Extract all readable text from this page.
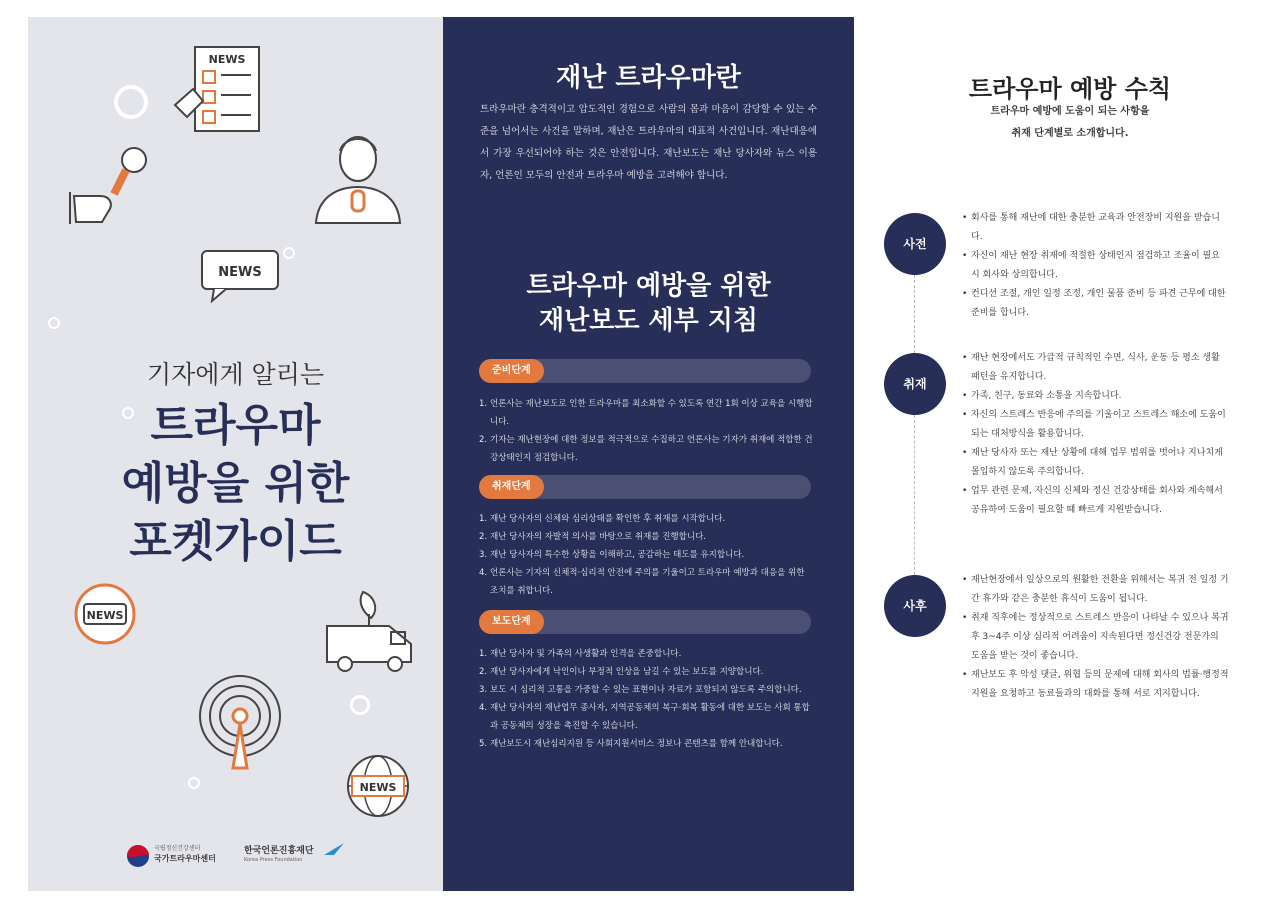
NEWS
NEWS
기자에게 알리는
트라우마
예방을 위한
포켓가이드
NEWS
NEWS
국립정신건강센터
국가트라우마센터
한국언론진흥재단
Korea Press Foundation
재난 트라우마란
트라우마란 충격적이고 압도적인 경험으로 사람의 몸과 마음이 감당할 수 있는 수준을 넘어서는 사건을 말하며, 재난은 트라우마의 대표적 사건입니다. 재난대응에서 가장 우선되어야 하는 것은 안전입니다. 재난보도는 재난 당사자와 뉴스 이용자, 언론인 모두의 안전과 트라우마 예방을 고려해야 합니다.
트라우마 예방을 위한
재난보도 세부 지침
준비단계
1. 언론사는 재난보도로 인한 트라우마를 최소화할 수 있도록 연간 1회 이상 교육을 시행합니다.
2. 기자는 재난현장에 대한 정보를 적극적으로 수집하고 언론사는 기자가 취재에 적합한 건강상태인지 점검합니다.
취재단계
1. 재난 당사자의 신체와 심리상태를 확인한 후 취재를 시작합니다.
2. 재난 당사자의 자발적 의사를 바탕으로 취재를 진행합니다.
3. 재난 당사자의 특수한 상황을 이해하고, 공감하는 태도를 유지합니다.
4. 언론사는 기자의 신체적·심리적 안전에 주의를 기울이고 트라우마 예방과 대응을 위한 조치를 취합니다.
보도단계
1. 재난 당사자 및 가족의 사생활과 인격을 존중합니다.
2. 재난 당사자에게 낙인이나 부정적 인상을 남길 수 있는 보도를 지양합니다.
3. 보도 시 심리적 고통을 가중할 수 있는 표현이나 자료가 포함되지 않도록 주의합니다.
4. 재난 당사자의 재난업무 종사자, 지역공동체의 복구·회복 활동에 대한 보도는 사회 통합과 공동체의 성장을 촉진할 수 있습니다.
5. 재난보도시 재난심리지원 등 사회지원서비스 정보나 콘텐츠를 함께 안내합니다.
트라우마 예방 수칙
트라우마 예방에 도움이 되는 사항을
취재 단계별로 소개합니다.
사전
• 회사를 통해 재난에 대한 충분한 교육과 안전장비 지원을 받습니다.
• 자신이 재난 현장 취재에 적절한 상태인지 점검하고 조율이 필요 시 회사와 상의합니다.
• 컨디션 조절, 개인 일정 조정, 개인 물품 준비 등 파견 근무에 대한 준비를 합니다.
취재
• 재난 현장에서도 가급적 규칙적인 수면, 식사, 운동 등 평소 생활 패턴을 유지합니다.
• 가족, 친구, 동료와 소통을 지속합니다.
• 자신의 스트레스 반응에 주의를 기울이고 스트레스 해소에 도움이 되는 대처방식을 활용합니다.
• 재난 당사자 또는 재난 상황에 대해 업무 범위를 벗어나 지나치게 몰입하지 않도록 주의합니다.
• 업무 관련 문제, 자신의 신체와 정신 건강상태를 회사와 계속해서 공유하여 도움이 필요할 때 빠르게 지원받습니다.
사후
• 재난현장에서 일상으로의 원활한 전환을 위해서는 복귀 전 일정 기간 휴가와 같은 충분한 휴식이 도움이 됩니다.
• 취재 직후에는 정상적으로 스트레스 반응이 나타날 수 있으나 복귀 후 3~4주 이상 심리적 어려움이 지속된다면 정신건강 전문가의 도움을 받는 것이 좋습니다.
• 재난보도 후 악성 댓글, 위협 등의 문제에 대해 회사의 법률·행정적 지원을 요청하고 동료들과의 대화를 통해 서로 지지합니다.
